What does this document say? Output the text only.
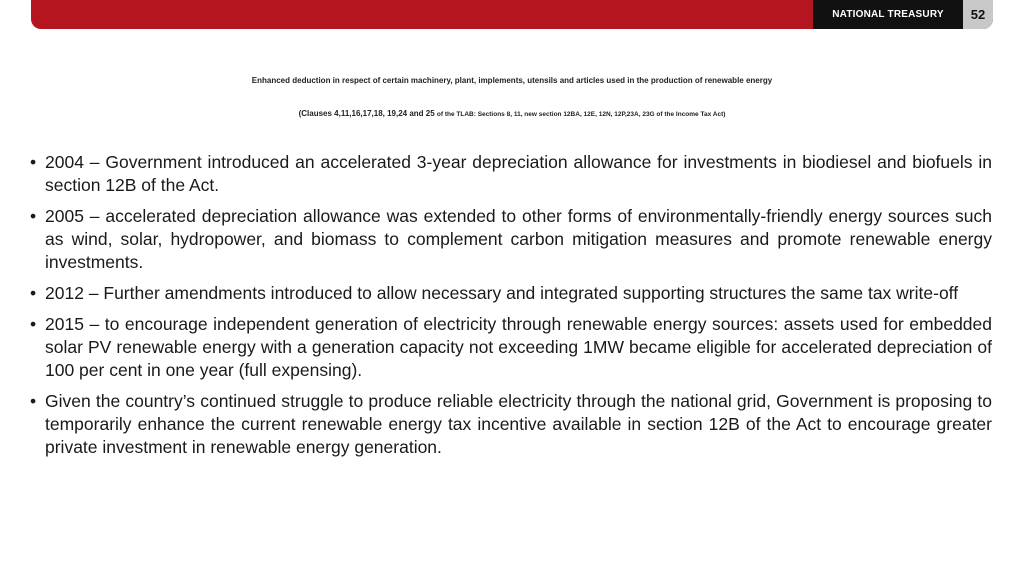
NATIONAL TREASURY	52
Enhanced deduction in respect of certain machinery, plant, implements, utensils and articles used in the production of renewable energy
(Clauses 4,11,16,17,18, 19,24 and 25 of the TLAB: Sections 8, 11, new section 12BA, 12E, 12N, 12P,23A, 23G of the Income Tax Act)
• 2004 – Government introduced an accelerated 3-year depreciation allowance for investments in biodiesel and biofuels in section 12B of the Act.
• 2005 – accelerated depreciation allowance was extended to other forms of environmentally-friendly energy sources such as wind, solar, hydropower, and biomass to complement carbon mitigation measures and promote renewable energy investments.
• 2012 – Further amendments introduced to allow necessary and integrated supporting structures the same tax write-off
• 2015 – to encourage independent generation of electricity through renewable energy sources: assets used for embedded solar PV renewable energy with a generation capacity not exceeding 1MW became eligible for accelerated depreciation of 100 per cent in one year (full expensing).
• Given the country’s continued struggle to produce reliable electricity through the national grid, Government is proposing to temporarily enhance the current renewable energy tax incentive available in section 12B of the Act to encourage greater private investment in renewable energy generation.
